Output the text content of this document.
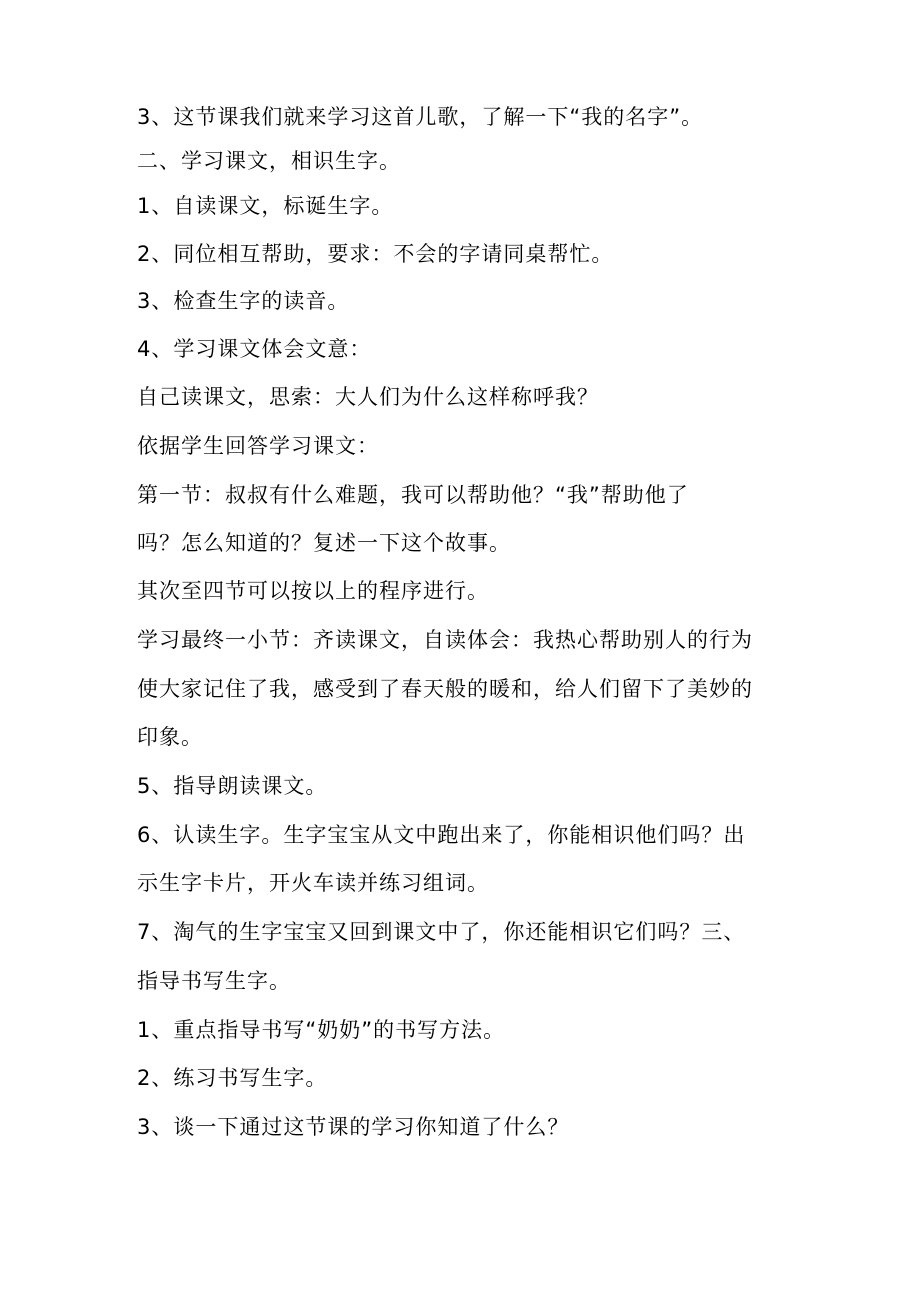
3、这节课我们就来学习这首儿歌，了解一下“我的名字”。
二、学习课文，相识生字。
1、自读课文，标诞生字。
2、同位相互帮助，要求：不会的字请同桌帮忙。
3、检查生字的读音。
4、学习课文体会文意：
自己读课文，思索：大人们为什么这样称呼我？
依据学生回答学习课文：
第一节：叔叔有什么难题，我可以帮助他？“我”帮助他了
吗？怎么知道的？复述一下这个故事。
其次至四节可以按以上的程序进行。
学习最终一小节：齐读课文，自读体会：我热心帮助别人的行为
使大家记住了我，感受到了春天般的暖和，给人们留下了美妙的
印象。
5、指导朗读课文。
6、认读生字。生字宝宝从文中跑出来了，你能相识他们吗？出
示生字卡片，开火车读并练习组词。
7、淘气的生字宝宝又回到课文中了，你还能相识它们吗？三、
指导书写生字。
1、重点指导书写“奶奶”的书写方法。
2、练习书写生字。
3、谈一下通过这节课的学习你知道了什么？
